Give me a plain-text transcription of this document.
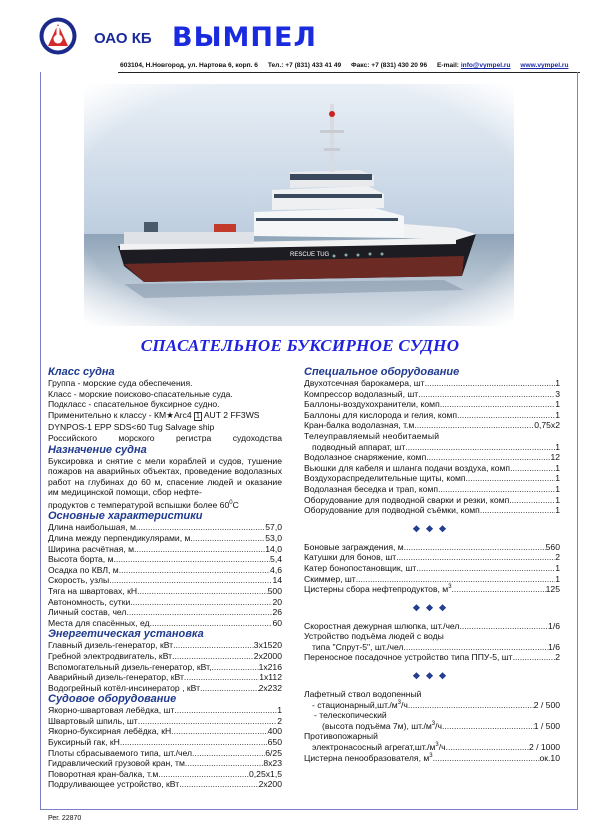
ОАО КБ ВЫМПЕЛ
603104, Н.Новгород, ул. Нартова 6, корп. 6 Тел.: +7 (831) 433 41 49 Факс: +7 (831) 430 20 96 E-mail: info@vympel.ru www.vympel.ru
СПАСАТЕЛЬНОЕ БУКСИРНОЕ СУДНО
Класс судна
Группа - морские суда обеспечения.
Класс - морские поисково-спасательные суда.
Подкласс - спасательное буксирное судно.
Применительно к классу - КМ★Arc4 1 AUT 2 FF3WS
DYNPOS-1 EPP SDS<60 Tug Salvage ship
Российского морского регистра судоходства
Назначение судна
Буксировка и снятие с мели кораблей и судов, тушение пожаров на аварийных объектах, проведение водолазных работ на глубинах до 60 м, спасение людей и оказание им медицинской помощи, сбор нефте-
продуктов с температурой вспышки более $60^0С$
Основные характеристики
Длина наибольшая, м .....	57,0
Длина между перпендикулярами, м .....	53,0
Ширина расчётная, м .....	14,0
Высота борта, м .....	5,4
Осадка по КВЛ, м .....	4,6
Скорость, узлы .....	14
Тяга на швартовах, кН .....	500
Автономность, сутки .....	20
Личный состав, чел .....	26
Места для спасённых, ед .....	60
Энергетическая установка
Главный дизель-генератор, кВт .....	3х1520
Гребной электродвигатель, кВт .....	2х2000
Вспомогательный дизель-генератор, кВт, .....	1х216
Аварийный дизель-генератор, кВт .....	1х112
Водогрейный котёл-инсинератор , кВт .....	2х232
Судовое оборудование
Якорно-швартовая лебёдка, шт .....	1
Швартовый шпиль, шт .....	2
Якорно-буксирная лебёдка, кН .....	400
Буксирный гак, кН .....	650
Плоты сбрасываемого типа, шт./чел .....	6/25
Гидравлический грузовой кран, тм .....	8х23
Поворотная кран-балка, т.м .....	0,25х1,5
Подруливающее устройство, кВт .....	2х200
Специальное оборудование
Двухотсечная барокамера, шт .....	1
Компрессор водолазный, шт .....	3
Баллоны-воздухохранители, комп .....	1
Баллоны для кислорода и гелия, комп .....	1
Кран-балка водолазная, т.м .....	0,75х2
Телеуправляемый необитаемый
подводный аппарат, шт .....	1
Водолазное снаряжение, комп .....	12
Вьюшки для кабеля и шланга подачи воздуха, комп .....	1
Воздухораспределительные щиты, комп .....	1
Водолазная беседка и трап, комп .....	1
Оборудование для подводной сварки и резки, комп .....	1
Оборудование для подводной съёмки, комп .....	1
❖❖❖
Боновые заграждения, м .....	560
Катушки для бонов, шт .....	2
Катер бонопостановщик, шт .....	1
Скиммер, шт .....	1
Цистерны сбора нефтепродуктов, $м^3$ .....	125
❖❖❖
Скоростная дежурная шлюпка, шт./чел .....	1/6
Устройство подъёма людей с воды
типа "Спрут-5", шт./чел .....	1/6
Переносное посадочное устройство типа ППУ-5, шт .....	2
❖❖❖
Лафетный ствол водопенный
- $стационарный,шт./м^3/ч$ .....	2 / 500
- телескопический
(высота подъёма 7м), $шт./м^3/ч$ .....	1 / 500
Противопожарный
электронасосный $агрегат,шт./м^3/ч$ .....	2 / 1000
Цистерна пенообразователя, $м^3$ .....	ок.10
Рег. 22870
